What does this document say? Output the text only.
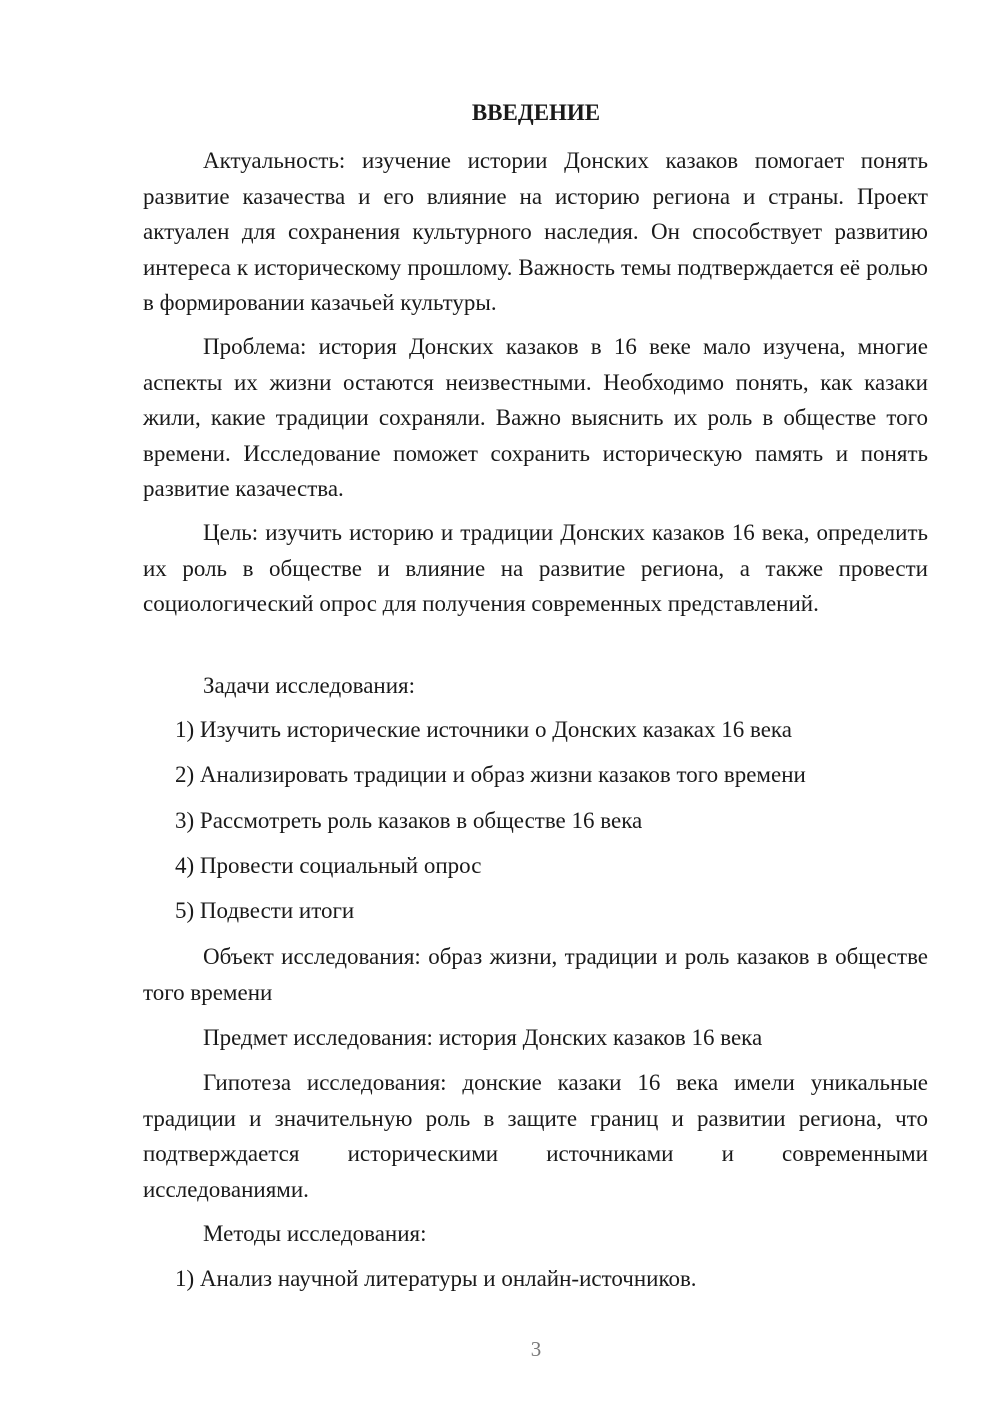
ВВЕДЕНИЕ

Актуальность: изучение истории Донских казаков помогает понять развитие казачества и его влияние на историю региона и страны. Проект актуален для сохранения культурного наследия. Он способствует развитию интереса к историческому прошлому. Важность темы подтверждается её ролью в формировании казачьей культуры.

Проблема: история Донских казаков в 16 веке мало изучена, многие аспекты их жизни остаются неизвестными. Необходимо понять, как казаки жили, какие традиции сохраняли. Важно выяснить их роль в обществе того времени. Исследование поможет сохранить историческую память и понять развитие казачества.

Цель: изучить историю и традиции Донских казаков 16 века, определить их роль в обществе и влияние на развитие региона, а также провести социологический опрос для получения современных представлений.

Задачи исследования:

1) Изучить исторические источники о Донских казаках 16 века

2) Анализировать традиции и образ жизни казаков того времени

3) Рассмотреть роль казаков в обществе 16 века

4) Провести социальный опрос

5) Подвести итоги

Объект исследования: образ жизни, традиции и роль казаков в обществе того времени

Предмет исследования: история Донских казаков 16 века

Гипотеза исследования: донские казаки 16 века имели уникальные традиции и значительную роль в защите границ и развитии региона, что подтверждается историческими источниками и современными исследованиями.

Методы исследования:

1) Анализ научной литературы и онлайн-источников.

3
